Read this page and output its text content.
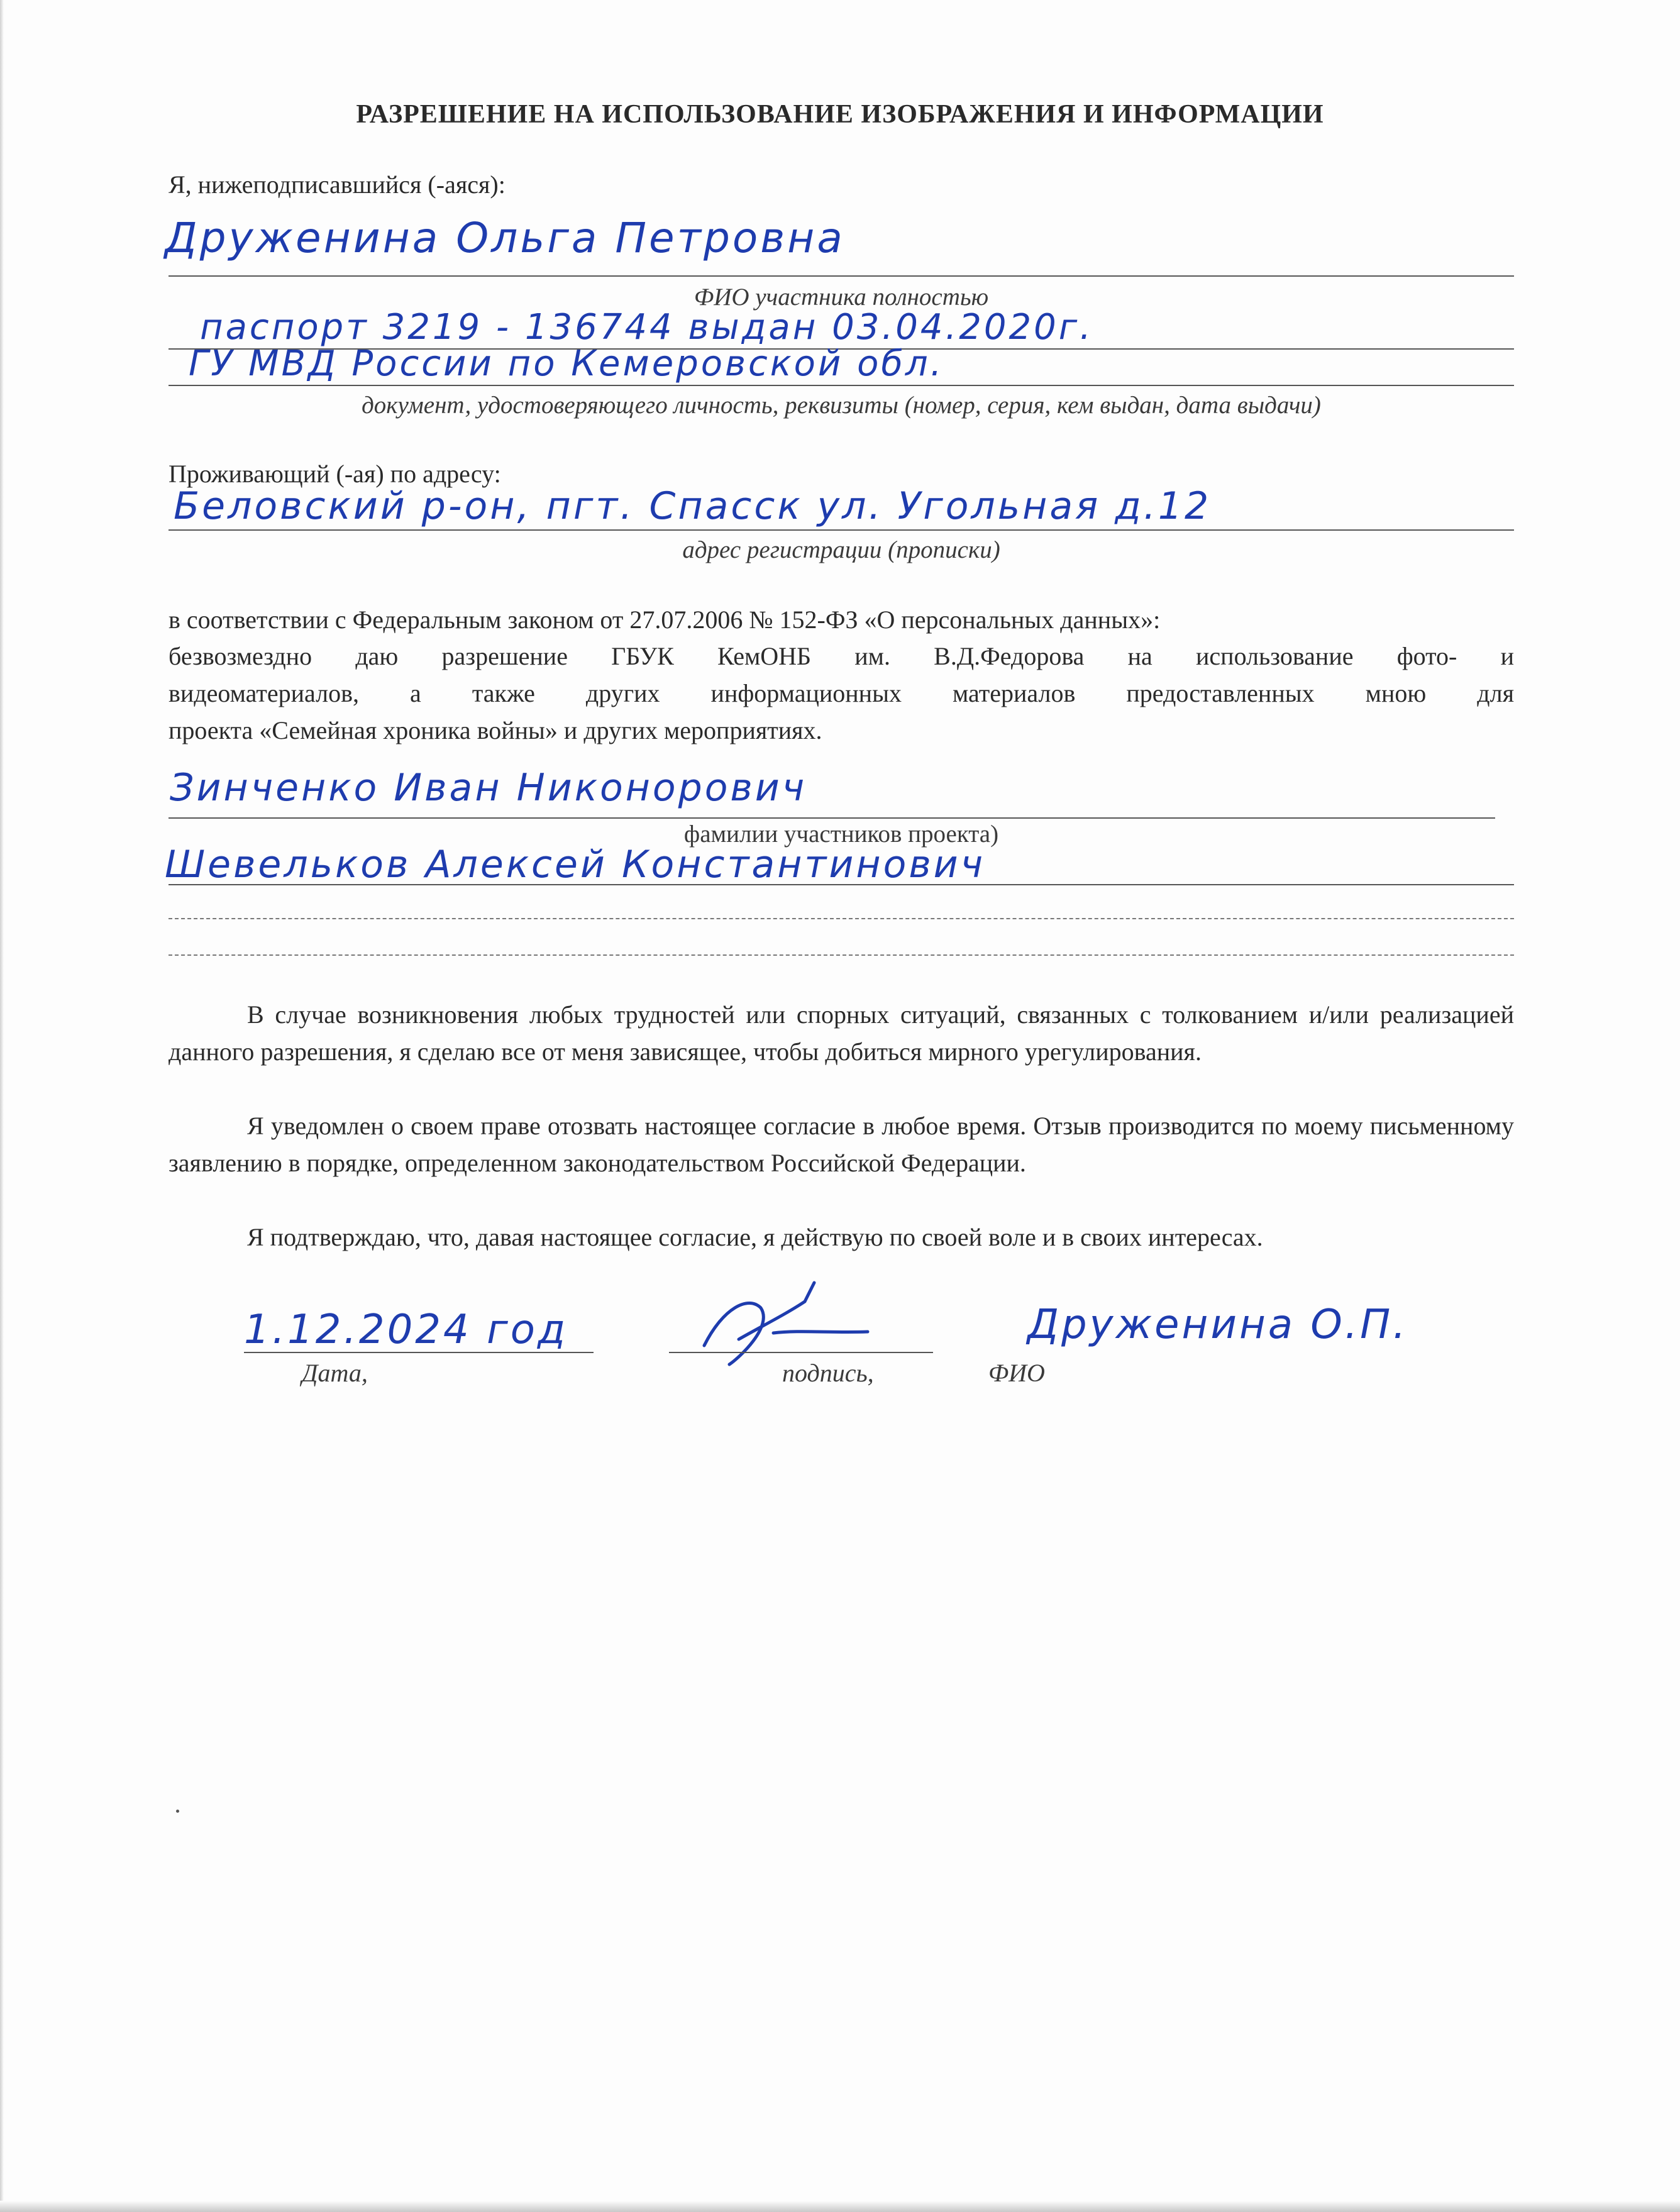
РАЗРЕШЕНИЕ НА ИСПОЛЬЗОВАНИЕ ИЗОБРАЖЕНИЯ И ИНФОРМАЦИИ
Я, нижеподписавшийся (-аяся):
Друженина Ольга Петровна
ФИО участника полностью
паспорт 3219 - 136744 выдан 03.04.2020г.
ГУ МВД России по Кемеровской обл.
документ, удостоверяющего личность, реквизиты (номер, серия, кем выдан, дата выдачи)
Проживающий (-ая) по адресу:
Беловский р-он, пгт. Спасск ул. Угольная д.12
адрес регистрации (прописки)
в соответствии с Федеральным законом от 27.07.2006 № 152-ФЗ «О персональных данных»:
безвозмездно даю разрешение ГБУК КемОНБ им. В.Д.Федорова на использование фото- и
видеоматериалов, а также других информационных материалов предоставленных мною для
проекта «Семейная хроника войны» и других мероприятиях.
Зинченко Иван Никонорович
фамилии участников проекта)
Шевельков Алексей Константинович
В случае возникновения любых трудностей или спорных ситуаций, связанных с толкованием и/или реализацией данного разрешения, я сделаю все от меня зависящее, чтобы добиться мирного урегулирования.
Я уведомлен о своем праве отозвать настоящее согласие в любое время. Отзыв производится по моему письменному заявлению в порядке, определенном законодательством Российской Федерации.
Я подтверждаю, что, давая настоящее согласие, я действую по своей воле и в своих интересах.
1.12.2024 год
Дата,	подпись,
Друженина О.П.
ФИО
